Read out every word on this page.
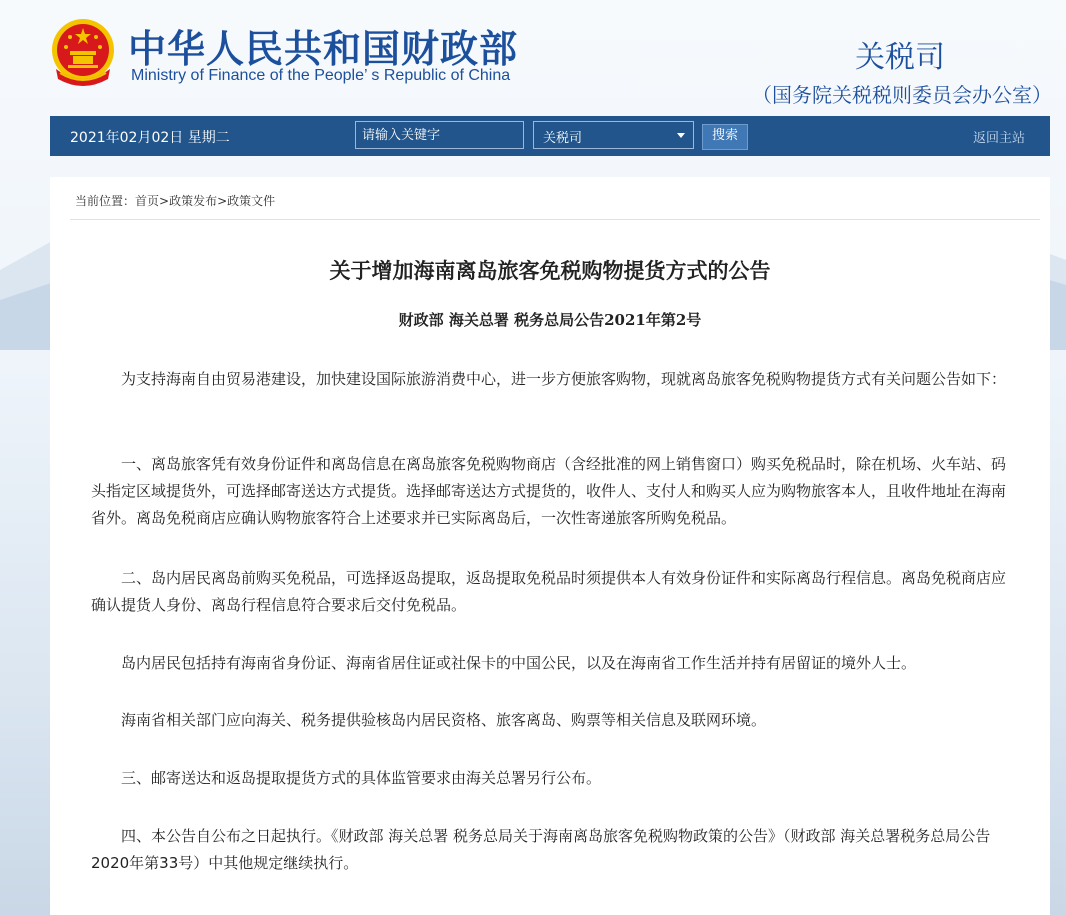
中华人民共和国财政部
Ministry of Finance of the People’ s Republic of China
关税司
（国务院关税税则委员会办公室）
2021年02月02日 星期二
请输入关键字	关税司	搜索	返回主站
当前位置：首页>政策发布>政策文件
关于增加海南离岛旅客免税购物提货方式的公告
财政部 海关总署 税务总局公告2021年第2号

为支持海南自由贸易港建设，加快建设国际旅游消费中心，进一步方便旅客购物，现就离岛旅客免税购物提货方式有关问题公告如下：

一、离岛旅客凭有效身份证件和离岛信息在离岛旅客免税购物商店（含经批准的网上销售窗口）购买免税品时，除在机场、火车站、码头指定区域提货外，可选择邮寄送达方式提货。选择邮寄送达方式提货的，收件人、支付人和购买人应为购物旅客本人，且收件地址在海南省外。离岛免税商店应确认购物旅客符合上述要求并已实际离岛后，一次性寄递旅客所购免税品。

二、岛内居民离岛前购买免税品，可选择返岛提取，返岛提取免税品时须提供本人有效身份证件和实际离岛行程信息。离岛免税商店应确认提货人身份、离岛行程信息符合要求后交付免税品。

岛内居民包括持有海南省身份证、海南省居住证或社保卡的中国公民，以及在海南省工作生活并持有居留证的境外人士。

海南省相关部门应向海关、税务提供验核岛内居民资格、旅客离岛、购票等相关信息及联网环境。

三、邮寄送达和返岛提取提货方式的具体监管要求由海关总署另行公布。

四、本公告自公布之日起执行。《财政部 海关总署 税务总局关于海南离岛旅客免税购物政策的公告》（财政部 海关总署税务总局公告2020年第33号）中其他规定继续执行。
